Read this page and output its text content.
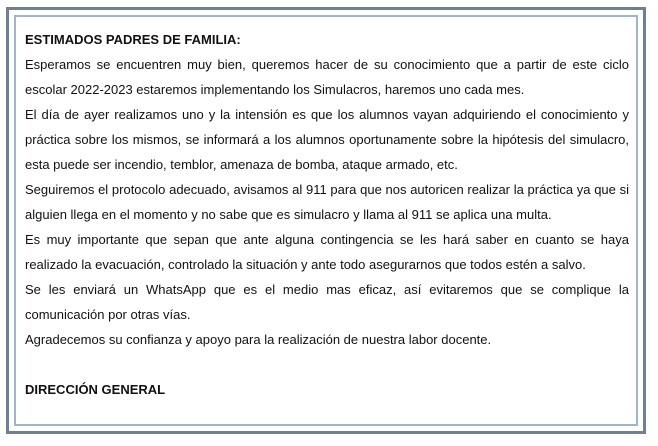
ESTIMADOS PADRES DE FAMILIA:

Esperamos se encuentren muy bien, queremos hacer de su conocimiento que a partir de este ciclo escolar 2022-2023 estaremos implementando los Simulacros, haremos uno cada mes.

El día de ayer realizamos uno y la intensión es que los alumnos vayan adquiriendo el conocimiento y práctica sobre los mismos, se informará a los alumnos oportunamente sobre la hipótesis del simulacro, esta puede ser incendio, temblor, amenaza de bomba, ataque armado, etc.

Seguiremos el protocolo adecuado, avisamos al 911 para que nos autoricen realizar la práctica ya que si alguien llega en el momento y no sabe que es simulacro y llama al 911 se aplica una multa.

Es muy importante que sepan que ante alguna contingencia se les hará saber en cuanto se haya realizado la evacuación, controlado la situación y ante todo asegurarnos que todos estén a salvo.

Se les enviará un WhatsApp que es el medio mas eficaz, así evitaremos que se complique la comunicación por otras vías.

Agradecemos su confianza y apoyo para la realización de nuestra labor docente.

DIRECCIÓN GENERAL
